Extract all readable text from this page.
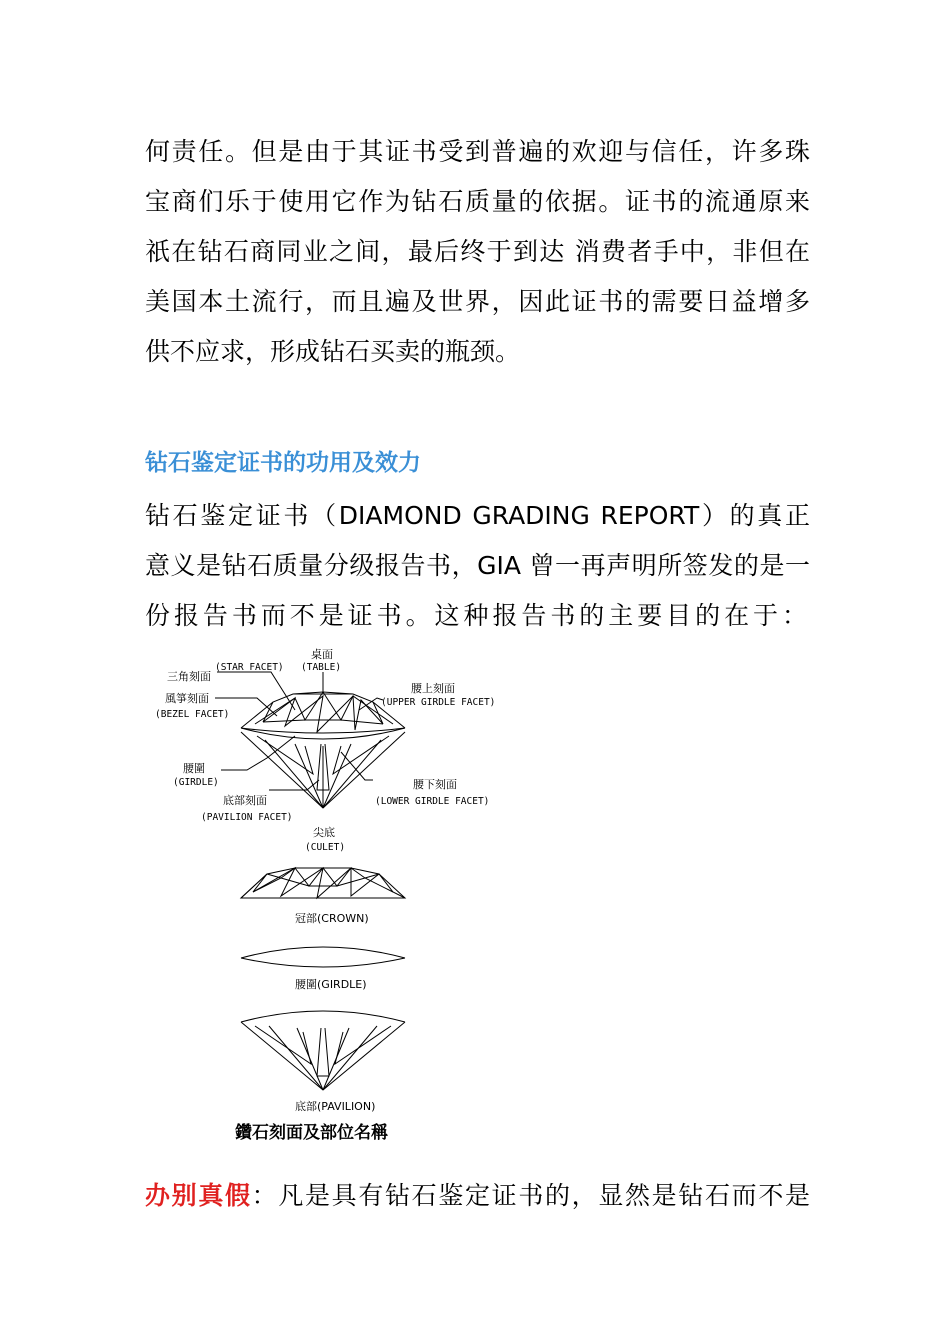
何责任。但是由于其证书受到普遍的欢迎与信任，许多珠
宝商们乐于使用它作为钻石质量的依据。证书的流通原来
祇在钻石商同业之间，最后终于到达 消费者手中，非但在
美国本土流行，而且遍及世界，因此证书的需要日益增多
供不应求，形成钻石买卖的瓶颈。
钻石鉴定证书的功用及效力
钻石鉴定证书（DIAMOND GRADING REPORT）的真正
意义是钻石质量分级报告书，GIA 曾一再声明所签发的是一
份报告书而不是证书。这种报告书的主要目的在于：
桌面
(TABLE)
三角刻面
(STAR FACET)
風箏刻面
(BEZEL FACET)
腰上刻面
(UPPER GIRDLE FACET)
腰圍
(GIRDLE)	腰下刻面
(LOWER GIRDLE FACET)
底部刻面
(PAVILION FACET)
尖底
(CULET)
冠部(CROWN)
腰圍(GIRDLE)
底部(PAVILION)
鑽石刻面及部位名稱
办别真假：凡是具有钻石鉴定证书的，显然是钻石而不是
